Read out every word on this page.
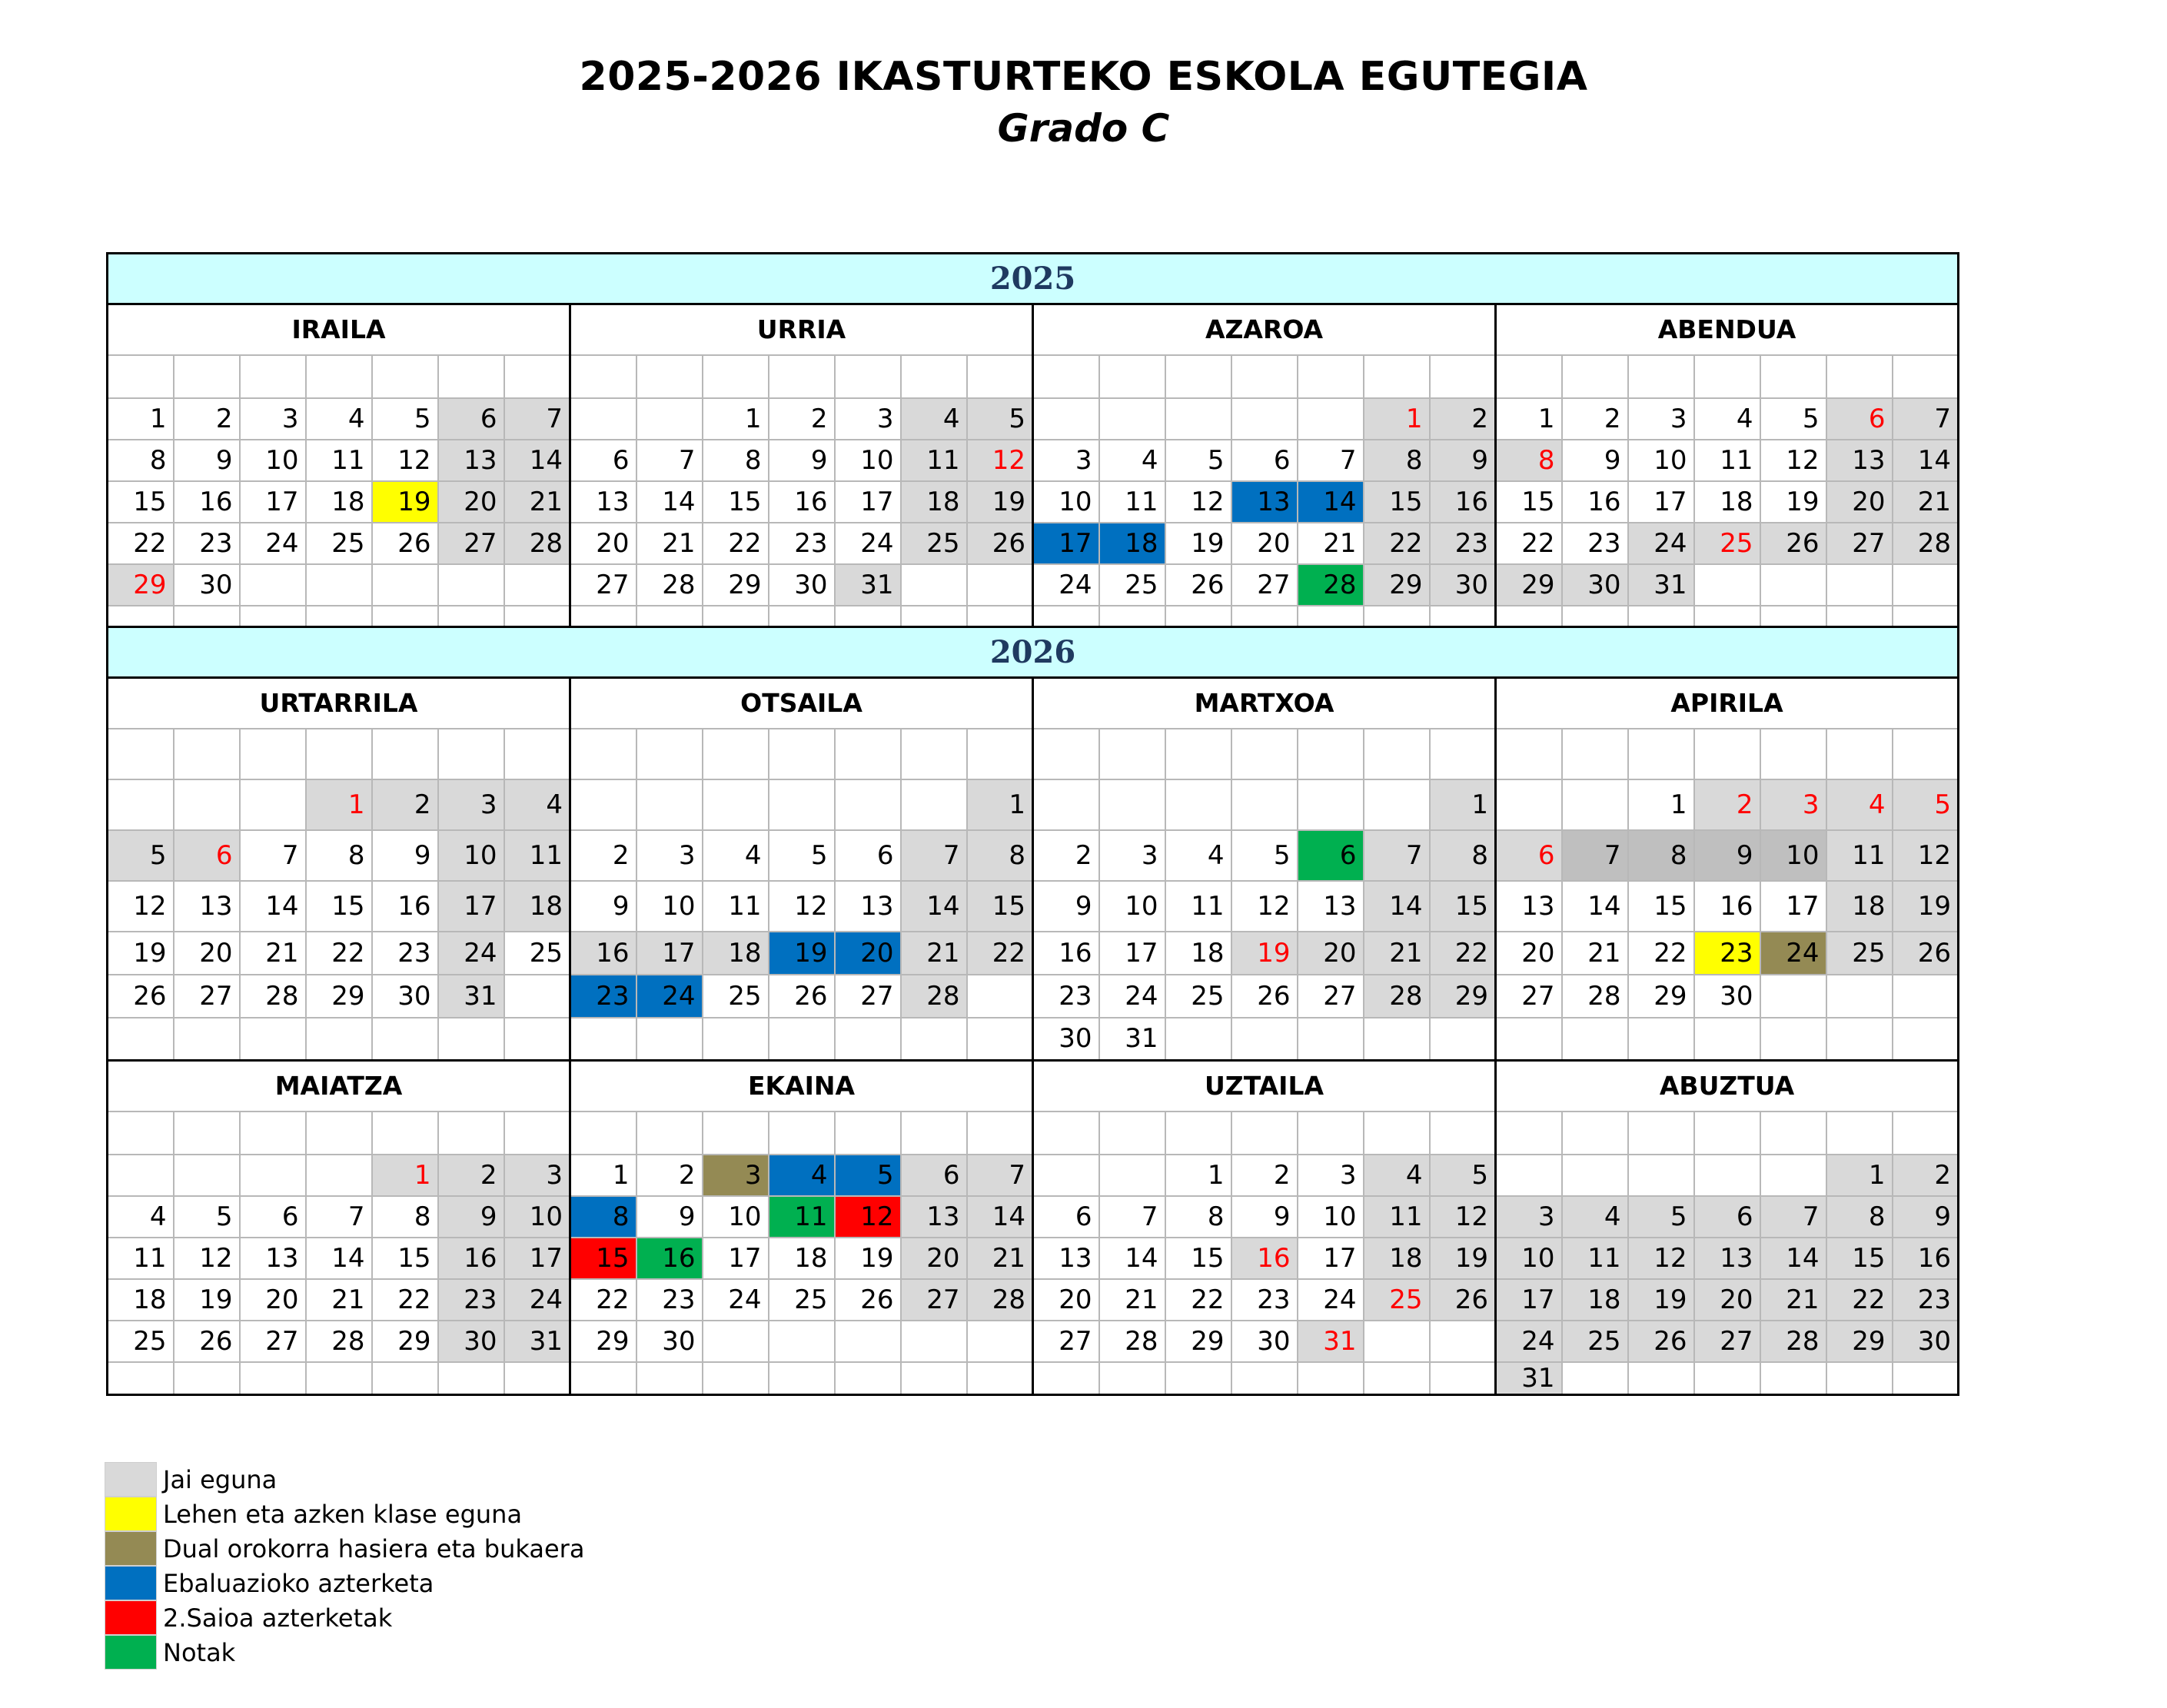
2025-2026 IKASTURTEKO ESKOLA EGUTEGIA
Grado C
2025																											
IRAILA							URRIA							AZAROA							ABENDUA						

1	2	3	4	5	6	7			1	2	3	4	5						1	2	1	2	3	4	5	6	7
8	9	10	11	12	13	14	6	7	8	9	10	11	12	3	4	5	6	7	8	9	8	9	10	11	12	13	14
15	16	17	18	19	20	21	13	14	15	16	17	18	19	10	11	12	13	14	15	16	15	16	17	18	19	20	21
22	23	24	25	26	27	28	20	21	22	23	24	25	26	17	18	19	20	21	22	23	22	23	24	25	26	27	28
29	30						27	28	29	30	31			24	25	26	27	28	29	30	29	30	31				

2026																											
URTARRILA							OTSAILA							MARTXOA							APIRILA						

			1	2	3	4							1							1			1	2	3	4	5
5	6	7	8	9	10	11	2	3	4	5	6	7	8	2	3	4	5	6	7	8	6	7	8	9	10	11	12
12	13	14	15	16	17	18	9	10	11	12	13	14	15	9	10	11	12	13	14	15	13	14	15	16	17	18	19
19	20	21	22	23	24	25	16	17	18	19	20	21	22	16	17	18	19	20	21	22	20	21	22	23	24	25	26
26	27	28	29	30	31		23	24	25	26	27	28		23	24	25	26	27	28	29	27	28	29	30			
														30	31												
MAIATZA							EKAINA							UZTAILA							ABUZTUA						

				1	2	3	1	2	3	4	5	6	7			1	2	3	4	5						1	2
4	5	6	7	8	9	10	8	9	10	11	12	13	14	6	7	8	9	10	11	12	3	4	5	6	7	8	9
11	12	13	14	15	16	17	15	16	17	18	19	20	21	13	14	15	16	17	18	19	10	11	12	13	14	15	16
18	19	20	21	22	23	24	22	23	24	25	26	27	28	20	21	22	23	24	25	26	17	18	19	20	21	22	23
25	26	27	28	29	30	31	29	30						27	28	29	30	31			24	25	26	27	28	29	30
																					31						
Jai eguna
Lehen eta azken klase eguna
Dual orokorra hasiera eta bukaera
Ebaluazioko azterketa
2.Saioa azterketak
Notak
